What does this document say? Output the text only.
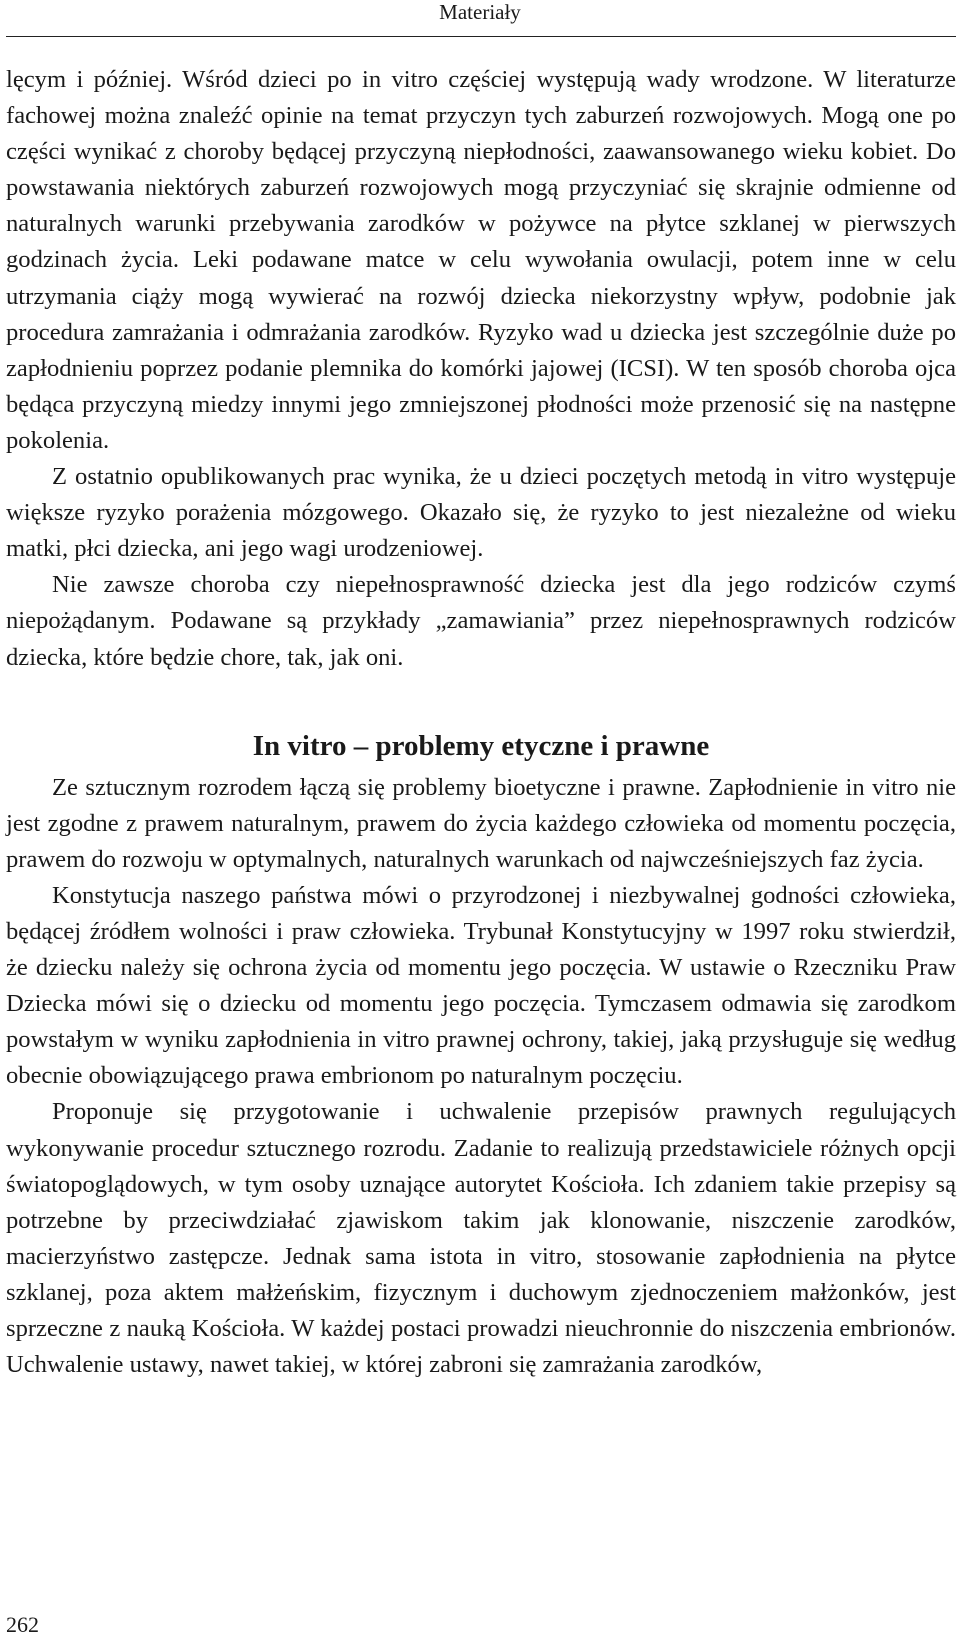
Materiały

lęcym i później. Wśród dzieci po in vitro częściej występują wady wrodzone. W literaturze fachowej można znaleźć opinie na temat przyczyn tych zaburzeń rozwojowych. Mogą one po części wynikać z choroby będącej przyczyną niepłodności, zaawansowanego wieku kobiet. Do powstawania niektórych zaburzeń rozwojowych mogą przyczyniać się skrajnie odmienne od naturalnych warunki przebywania zarodków w pożywce na płytce szklanej w pierwszych godzinach życia. Leki podawane matce w celu wywołania owulacji, potem inne w celu utrzymania ciąży mogą wywierać na rozwój dziecka niekorzystny wpływ, podobnie jak procedura zamrażania i odmrażania zarodków. Ryzyko wad u dziecka jest szczególnie duże po zapłodnieniu poprzez podanie plemnika do komórki jajowej (ICSI). W ten sposób choroba ojca będąca przyczyną miedzy innymi jego zmniejszonej płodności może przenosić się na następne pokolenia.

Z ostatnio opublikowanych prac wynika, że u dzieci poczętych metodą in vitro występuje większe ryzyko porażenia mózgowego. Okazało się, że ryzyko to jest niezależne od wieku matki, płci dziecka, ani jego wagi urodzeniowej.

Nie zawsze choroba czy niepełnosprawność dziecka jest dla jego rodziców czymś niepożądanym. Podawane są przykłady „zamawiania” przez niepełnosprawnych rodziców dziecka, które będzie chore, tak, jak oni.

In vitro – problemy etyczne i prawne

Ze sztucznym rozrodem łączą się problemy bioetyczne i prawne. Zapłodnienie in vitro nie jest zgodne z prawem naturalnym, prawem do życia każdego człowieka od momentu poczęcia, prawem do rozwoju w optymalnych, naturalnych warunkach od najwcześniejszych faz życia.

Konstytucja naszego państwa mówi o przyrodzonej i niezbywalnej godności człowieka, będącej źródłem wolności i praw człowieka. Trybunał Konstytucyjny w 1997 roku stwierdził, że dziecku należy się ochrona życia od momentu jego poczęcia. W ustawie o Rzeczniku Praw Dziecka mówi się o dziecku od momentu jego poczęcia. Tymczasem odmawia się zarodkom powstałym w wyniku zapłodnienia in vitro prawnej ochrony, takiej, jaką przysługuje się według obecnie obowiązującego prawa embrionom po naturalnym poczęciu.

Proponuje się przygotowanie i uchwalenie przepisów prawnych regulujących wykonywanie procedur sztucznego rozrodu. Zadanie to realizują przedstawiciele różnych opcji światopoglądowych, w tym osoby uznające autorytet Kościoła. Ich zdaniem takie przepisy są potrzebne by przeciwdziałać zjawiskom takim jak klonowanie, niszczenie zarodków, macierzyństwo zastępcze. Jednak sama istota in vitro, stosowanie zapłodnienia na płytce szklanej, poza aktem małżeńskim, fizycznym i duchowym zjednoczeniem małżonków, jest sprzeczne z nauką Kościoła. W każdej postaci prowadzi nieuchronnie do niszczenia embrionów. Uchwalenie ustawy, nawet takiej, w której zabroni się zamrażania zarodków,

262
